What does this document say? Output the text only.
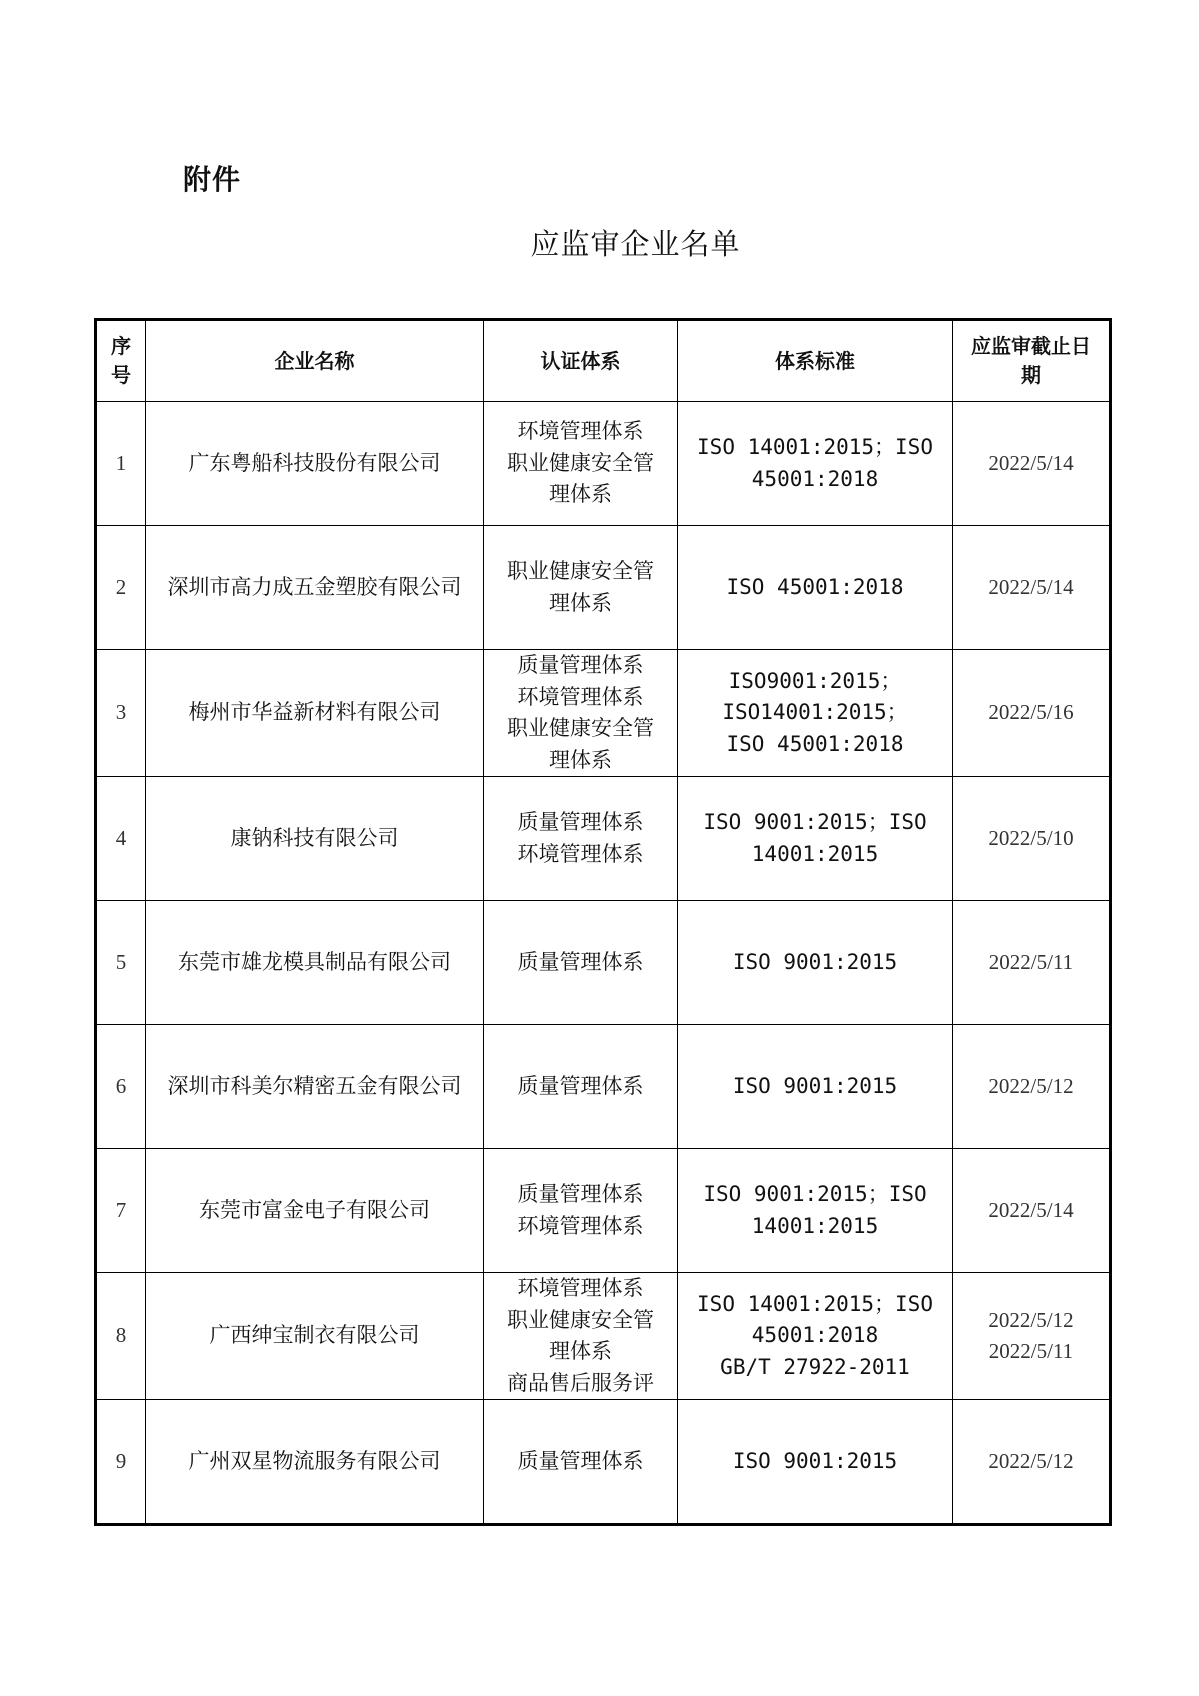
附件
应监审企业名单
序
号	企业名称	认证体系	体系标准	应监审截止日
期

1	广东粤船科技股份有限公司	环境管理体系
职业健康安全管
理体系	ISO 14001:2015；ISO
45001:2018	2022/5/14

2	深圳市高力成五金塑胶有限公司	职业健康安全管
理体系	ISO 45001:2018	2022/5/14

3	梅州市华益新材料有限公司	质量管理体系
环境管理体系
职业健康安全管
理体系	ISO9001:2015；
ISO14001:2015；
ISO 45001:2018	2022/5/16

4	康钠科技有限公司	质量管理体系
环境管理体系	ISO 9001:2015；ISO
14001:2015	2022/5/10

5	东莞市雄龙模具制品有限公司	质量管理体系	ISO 9001:2015	2022/5/11

6	深圳市科美尔精密五金有限公司	质量管理体系	ISO 9001:2015	2022/5/12

7	东莞市富金电子有限公司	质量管理体系
环境管理体系	ISO 9001:2015；ISO
14001:2015	2022/5/14

8	广西绅宝制衣有限公司	环境管理体系
职业健康安全管
理体系
商品售后服务评	ISO 14001:2015；ISO
45001:2018
GB/T 27922-2011	2022/5/12
2022/5/11

9	广州双星物流服务有限公司	质量管理体系	ISO 9001:2015	2022/5/12
